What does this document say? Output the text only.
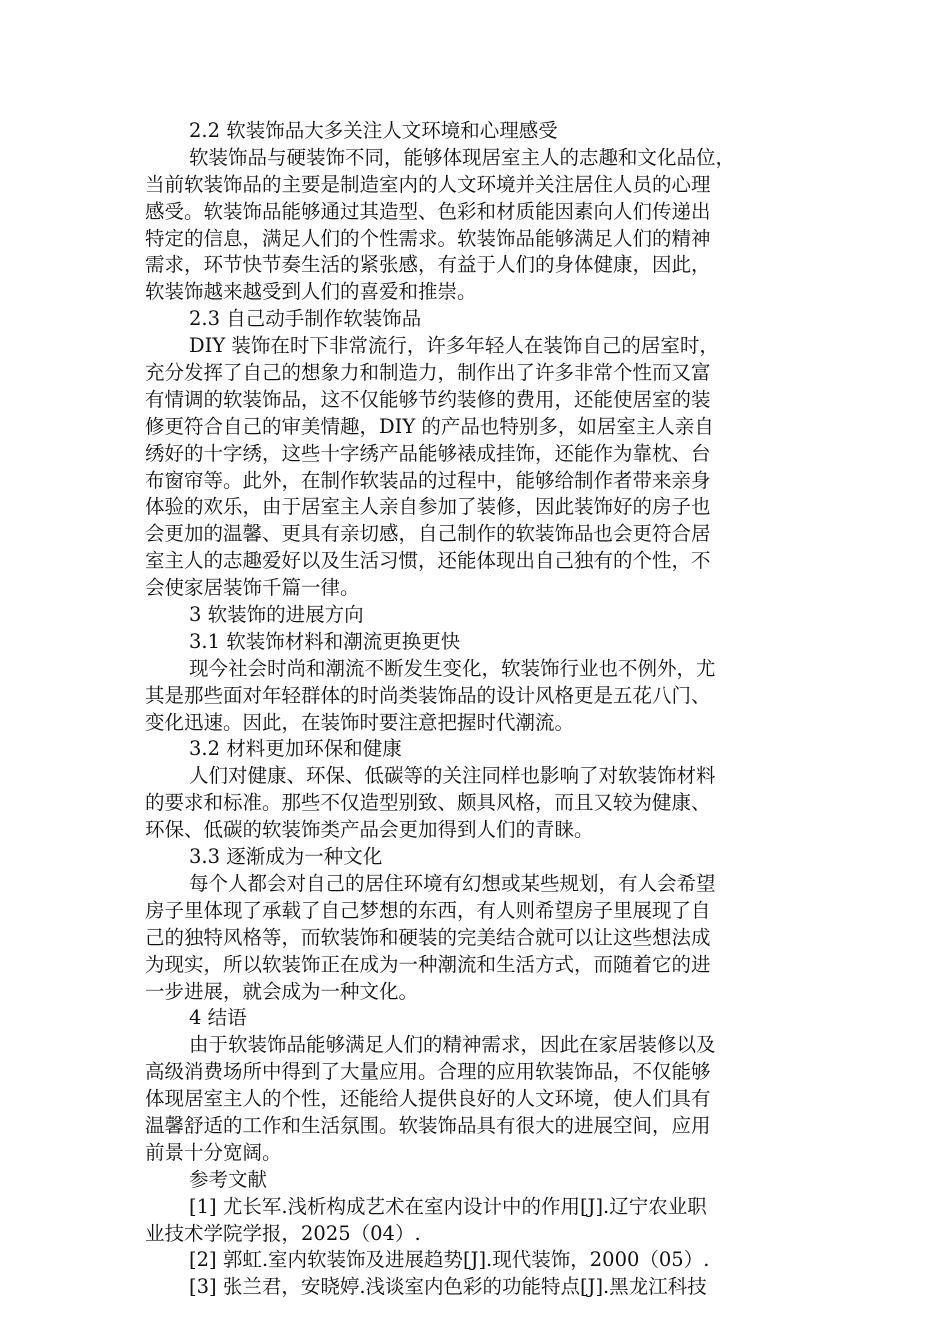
2.2 软装饰品大多关注人文环境和心理感受
软装饰品与硬装饰不同，能够体现居室主人的志趣和文化品位，
当前软装饰品的主要是制造室内的人文环境并关注居住人员的心理
感受。软装饰品能够通过其造型、色彩和材质能因素向人们传递出
特定的信息，满足人们的个性需求。软装饰品能够满足人们的精神
需求，环节快节奏生活的紧张感，有益于人们的身体健康，因此，
软装饰越来越受到人们的喜爱和推崇。
2.3 自己动手制作软装饰品
DIY 装饰在时下非常流行，许多年轻人在装饰自己的居室时，
充分发挥了自己的想象力和制造力，制作出了许多非常个性而又富
有情调的软装饰品，这不仅能够节约装修的费用，还能使居室的装
修更符合自己的审美情趣，DIY 的产品也特别多，如居室主人亲自
绣好的十字绣，这些十字绣产品能够裱成挂饰，还能作为靠枕、台
布窗帘等。此外，在制作软装品的过程中，能够给制作者带来亲身
体验的欢乐，由于居室主人亲自参加了装修，因此装饰好的房子也
会更加的温馨、更具有亲切感，自己制作的软装饰品也会更符合居
室主人的志趣爱好以及生活习惯，还能体现出自己独有的个性，不
会使家居装饰千篇一律。
3 软装饰的进展方向
3.1 软装饰材料和潮流更换更快
现今社会时尚和潮流不断发生变化，软装饰行业也不例外，尤
其是那些面对年轻群体的时尚类装饰品的设计风格更是五花八门、
变化迅速。因此，在装饰时要注意把握时代潮流。
3.2 材料更加环保和健康
人们对健康、环保、低碳等的关注同样也影响了对软装饰材料
的要求和标准。那些不仅造型别致、颇具风格，而且又较为健康、
环保、低碳的软装饰类产品会更加得到人们的青睐。
3.3 逐渐成为一种文化
每个人都会对自己的居住环境有幻想或某些规划，有人会希望
房子里体现了承载了自己梦想的东西，有人则希望房子里展现了自
己的独特风格等，而软装饰和硬装的完美结合就可以让这些想法成
为现实，所以软装饰正在成为一种潮流和生活方式，而随着它的进
一步进展，就会成为一种文化。
4 结语
由于软装饰品能够满足人们的精神需求，因此在家居装修以及
高级消费场所中得到了大量应用。合理的应用软装饰品，不仅能够
体现居室主人的个性，还能给人提供良好的人文环境，使人们具有
温馨舒适的工作和生活氛围。软装饰品具有很大的进展空间，应用
前景十分宽阔。
参考文献
[1] 尤长军.浅析构成艺术在室内设计中的作用[J].辽宁农业职
业技术学院学报，2025（04）.
[2] 郭虹.室内软装饰及进展趋势[J].现代装饰，2000（05）.
[3] 张兰君，安晓婷.浅谈室内色彩的功能特点[J].黑龙江科技
